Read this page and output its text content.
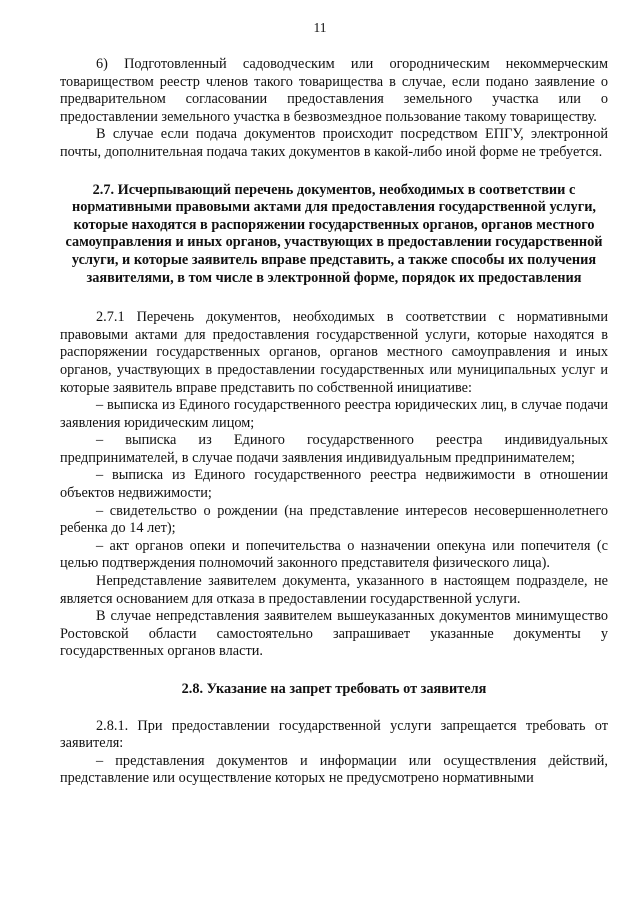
11

6) Подготовленный садоводческим или огородническим некоммерческим товариществом реестр членов такого товарищества в случае, если подано заявление о предварительном согласовании предоставления земельного участка или о предоставлении земельного участка в безвозмездное пользование такому товариществу.

В случае если подача документов происходит посредством ЕПГУ, электронной почты, дополнительная подача таких документов в какой-либо иной форме не требуется.

2.7. Исчерпывающий перечень документов, необходимых в соответствии с нормативными правовыми актами для предоставления государственной услуги, которые находятся в распоряжении государственных органов, органов местного самоуправления и иных органов, участвующих в предоставлении государственной услуги, и которые заявитель вправе представить, а также способы их получения заявителями, в том числе в электронной форме, порядок их предоставления

2.7.1 Перечень документов, необходимых в соответствии с нормативными правовыми актами для предоставления государственной услуги, которые находятся в распоряжении государственных органов, органов местного самоуправления и иных органов, участвующих в предоставлении государственных или муниципальных услуг и которые заявитель вправе представить по собственной инициативе:

– выписка из Единого государственного реестра юридических лиц, в случае подачи заявления юридическим лицом;

– выписка из Единого государственного реестра индивидуальных предпринимателей, в случае подачи заявления индивидуальным предпринимателем;

– выписка из Единого государственного реестра недвижимости в отношении объектов недвижимости;

– свидетельство о рождении (на представление интересов несовершеннолетнего ребенка до 14 лет);

– акт органов опеки и попечительства о назначении опекуна или попечителя (с целью подтверждения полномочий законного представителя физического лица).

Непредставление заявителем документа, указанного в настоящем подразделе, не является основанием для отказа в предоставлении государственной услуги.

В случае непредставления заявителем вышеуказанных документов минимущество Ростовской области самостоятельно запрашивает указанные документы у государственных органов власти.

2.8. Указание на запрет требовать от заявителя

2.8.1. При предоставлении государственной услуги запрещается требовать от заявителя:

– представления документов и информации или осуществления действий, представление или осуществление которых не предусмотрено нормативными
